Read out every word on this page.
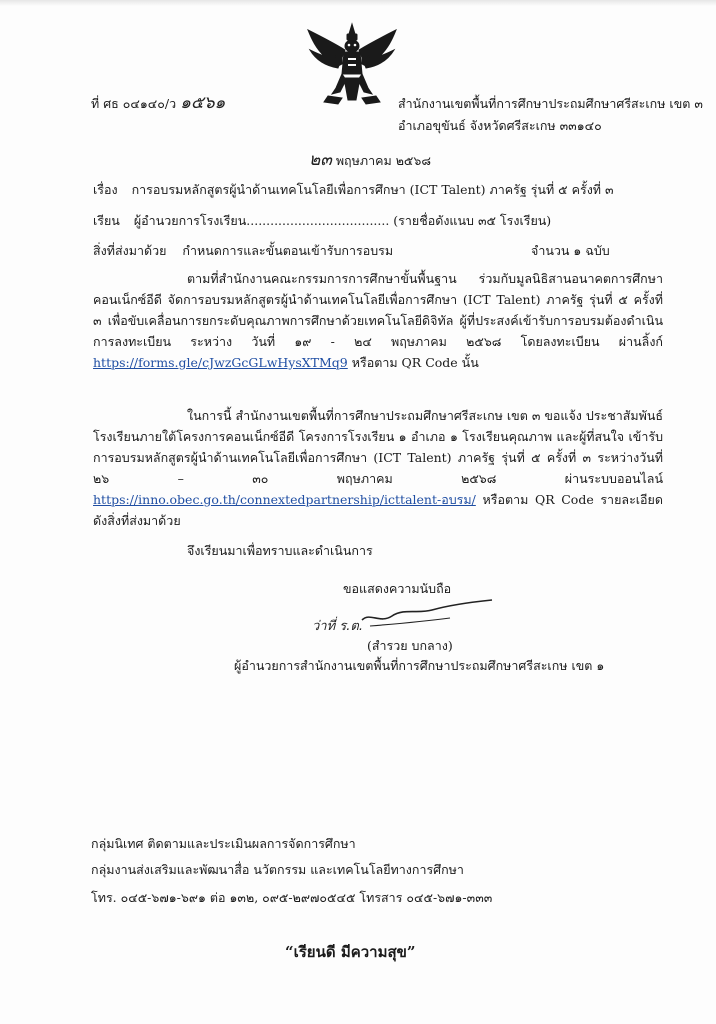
ที่ ศธ ๐๔๑๔๐/ว ๑๕๖๑	สำนักงานเขตพื้นที่การศึกษาประถมศึกษาศรีสะเกษ เขต ๓
อำเภอขุขันธ์ จังหวัดศรีสะเกษ ๓๓๑๔๐
๒๓ พฤษภาคม ๒๕๖๘
เรื่อง การอบรมหลักสูตรผู้นำด้านเทคโนโลยีเพื่อการศึกษา (ICT Talent) ภาครัฐ รุ่นที่ ๕ ครั้งที่ ๓
เรียน ผู้อำนวยการโรงเรียน.................................... (รายชื่อดังแนบ ๓๕ โรงเรียน)
สิ่งที่ส่งมาด้วย กำหนดการและขั้นตอนเข้ารับการอบรม	จำนวน ๑ ฉบับ
ตามที่สำนักงานคณะกรรมการการศึกษาขั้นพื้นฐาน ร่วมกับมูลนิธิสานอนาคตการศึกษา คอนเน็กซ์อีดี จัดการอบรมหลักสูตรผู้นำด้านเทคโนโลยีเพื่อการศึกษา (ICT Talent) ภาครัฐ รุ่นที่ ๕ ครั้งที่ ๓ เพื่อขับเคลื่อนการยกระดับคุณภาพการศึกษาด้วยเทคโนโลยีดิจิทัล ผู้ที่ประสงค์เข้ารับการอบรมต้องดำเนินการลงทะเบียน ระหว่าง วันที่ ๑๙ - ๒๔ พฤษภาคม ๒๕๖๘ โดยลงทะเบียน ผ่านลิ้งก์ https://forms.gle/cJwzGcGLwHysXTMq9 หรือตาม QR Code นั้น
ในการนี้ สำนักงานเขตพื้นที่การศึกษาประถมศึกษาศรีสะเกษ เขต ๓ ขอแจ้ง ประชาสัมพันธ์โรงเรียนภายใต้โครงการคอนเน็กซ์อีดี โครงการโรงเรียน ๑ อำเภอ ๑ โรงเรียนคุณภาพ และผู้ที่สนใจ เข้ารับการอบรมหลักสูตรผู้นำด้านเทคโนโลยีเพื่อการศึกษา (ICT Talent) ภาครัฐ รุ่นที่ ๕ ครั้งที่ ๓ ระหว่างวันที่ ๒๖ – ๓๐ พฤษภาคม ๒๕๖๘ ผ่านระบบออนไลน์ https://inno.obec.go.th/connextedpartnership/icttalent-อบรม/ หรือตาม QR Code รายละเอียดดังสิ่งที่ส่งมาด้วย
จึงเรียนมาเพื่อทราบและดำเนินการ
ขอแสดงความนับถือ
ว่าที่ ร.ต.
(สำรวย บกลาง)
ผู้อำนวยการสำนักงานเขตพื้นที่การศึกษาประถมศึกษาศรีสะเกษ เขต ๑
กลุ่มนิเทศ ติดตามและประเมินผลการจัดการศึกษา
กลุ่มงานส่งเสริมและพัฒนาสื่อ นวัตกรรม และเทคโนโลยีทางการศึกษา
โทร. ๐๔๕-๖๗๑-๖๙๑ ต่อ ๑๓๒, ๐๙๕-๒๙๗๐๕๔๕ โทรสาร ๐๔๕-๖๗๑-๓๓๓
“เรียนดี มีความสุข”
